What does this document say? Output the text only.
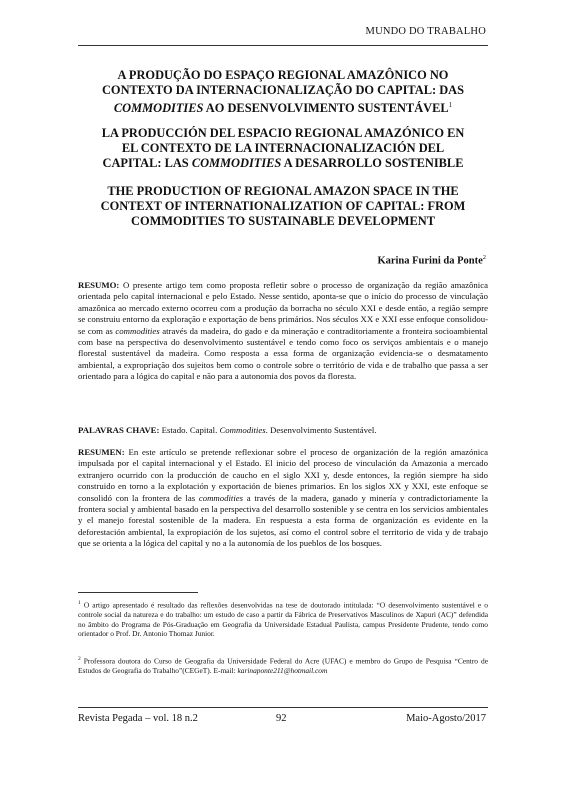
MUNDO DO TRABALHO
A PRODUÇÃO DO ESPAÇO REGIONAL AMAZÔNICO NO
CONTEXTO DA INTERNACIONALIZAÇÃO DO CAPITAL: DAS
COMMODITIES AO DESENVOLVIMENTO SUSTENTÁVEL$^1$
LA PRODUCCIÓN DEL ESPACIO REGIONAL AMAZÓNICO EN
EL CONTEXTO DE LA INTERNACIONALIZACIÓN DEL
CAPITAL: LAS COMMODITIES A DESARROLLO SOSTENIBLE
THE PRODUCTION OF REGIONAL AMAZON SPACE IN THE
CONTEXT OF INTERNATIONALIZATION OF CAPITAL: FROM
COMMODITIES TO SUSTAINABLE DEVELOPMENT
Karina Furini da Ponte$^2$
RESUMO: O presente artigo tem como proposta refletir sobre o processo de organização da região amazônica orientada pelo capital internacional e pelo Estado. Nesse sentido, aponta-se que o início do processo de vinculação amazônica ao mercado externo ocorreu com a produção da borracha no século XXI e desde então, a região sempre se construiu entorno da exploração e exportação de bens primários. Nos séculos XX e XXI esse enfoque consolidou-se com as commodities através da madeira, do gado e da mineração e contraditoriamente a fronteira socioambiental com base na perspectiva do desenvolvimento sustentável e tendo como foco os serviços ambientais e o manejo florestal sustentável da madeira. Como resposta a essa forma de organização evidencia-se o desmatamento ambiental, a expropriação dos sujeitos bem como o controle sobre o território de vida e de trabalho que passa a ser orientado para a lógica do capital e não para a autonomia dos povos da floresta.
PALAVRAS CHAVE: Estado. Capital. Commodities. Desenvolvimento Sustentável.
RESUMEN: En este artículo se pretende reflexionar sobre el proceso de organización de la región amazónica impulsada por el capital internacional y el Estado. El inicio del proceso de vinculación da Amazonia a mercado extranjero ocurrido con la producción de caucho en el siglo XXI y, desde entonces, la región siempre ha sido construido en torno a la explotación y exportación de bienes primarios. En los siglos XX y XXI, este enfoque se consolidó con la frontera de las commodities a través de la madera, ganado y minería y contradictoriamente la frontera social y ambiental basado en la perspectiva del desarrollo sostenible y se centra en los servicios ambientales y el manejo forestal sostenible de la madera. En respuesta a esta forma de organización es evidente en la deforestación ambiental, la expropiación de los sujetos, así como el control sobre el territorio de vida y de trabajo que se orienta a la lógica del capital y no a la autonomía de los pueblos de los bosques.
$^1$ O artigo apresentado é resultado das reflexões desenvolvidas na tese de doutorado intitulada: “O desenvolvimento sustentável e o controle social da natureza e do trabalho: um estudo de caso a partir da Fábrica de Preservativos Masculinos de Xapuri (AC)” defendida no âmbito do Programa de Pós-Graduação em Geografia da Universidade Estadual Paulista, campus Presidente Prudente, tendo como orientador o Prof. Dr. Antonio Thomaz Junior.
$^2$ Professora doutora do Curso de Geografia da Universidade Federal do Acre (UFAC) e membro do Grupo de Pesquisa “Centro de Estudos de Geografia do Trabalho”(CEGeT). E-mail: karinaponte211@hotmail.com
Revista Pegada – vol. 18 n.2	92	Maio-Agosto/2017
